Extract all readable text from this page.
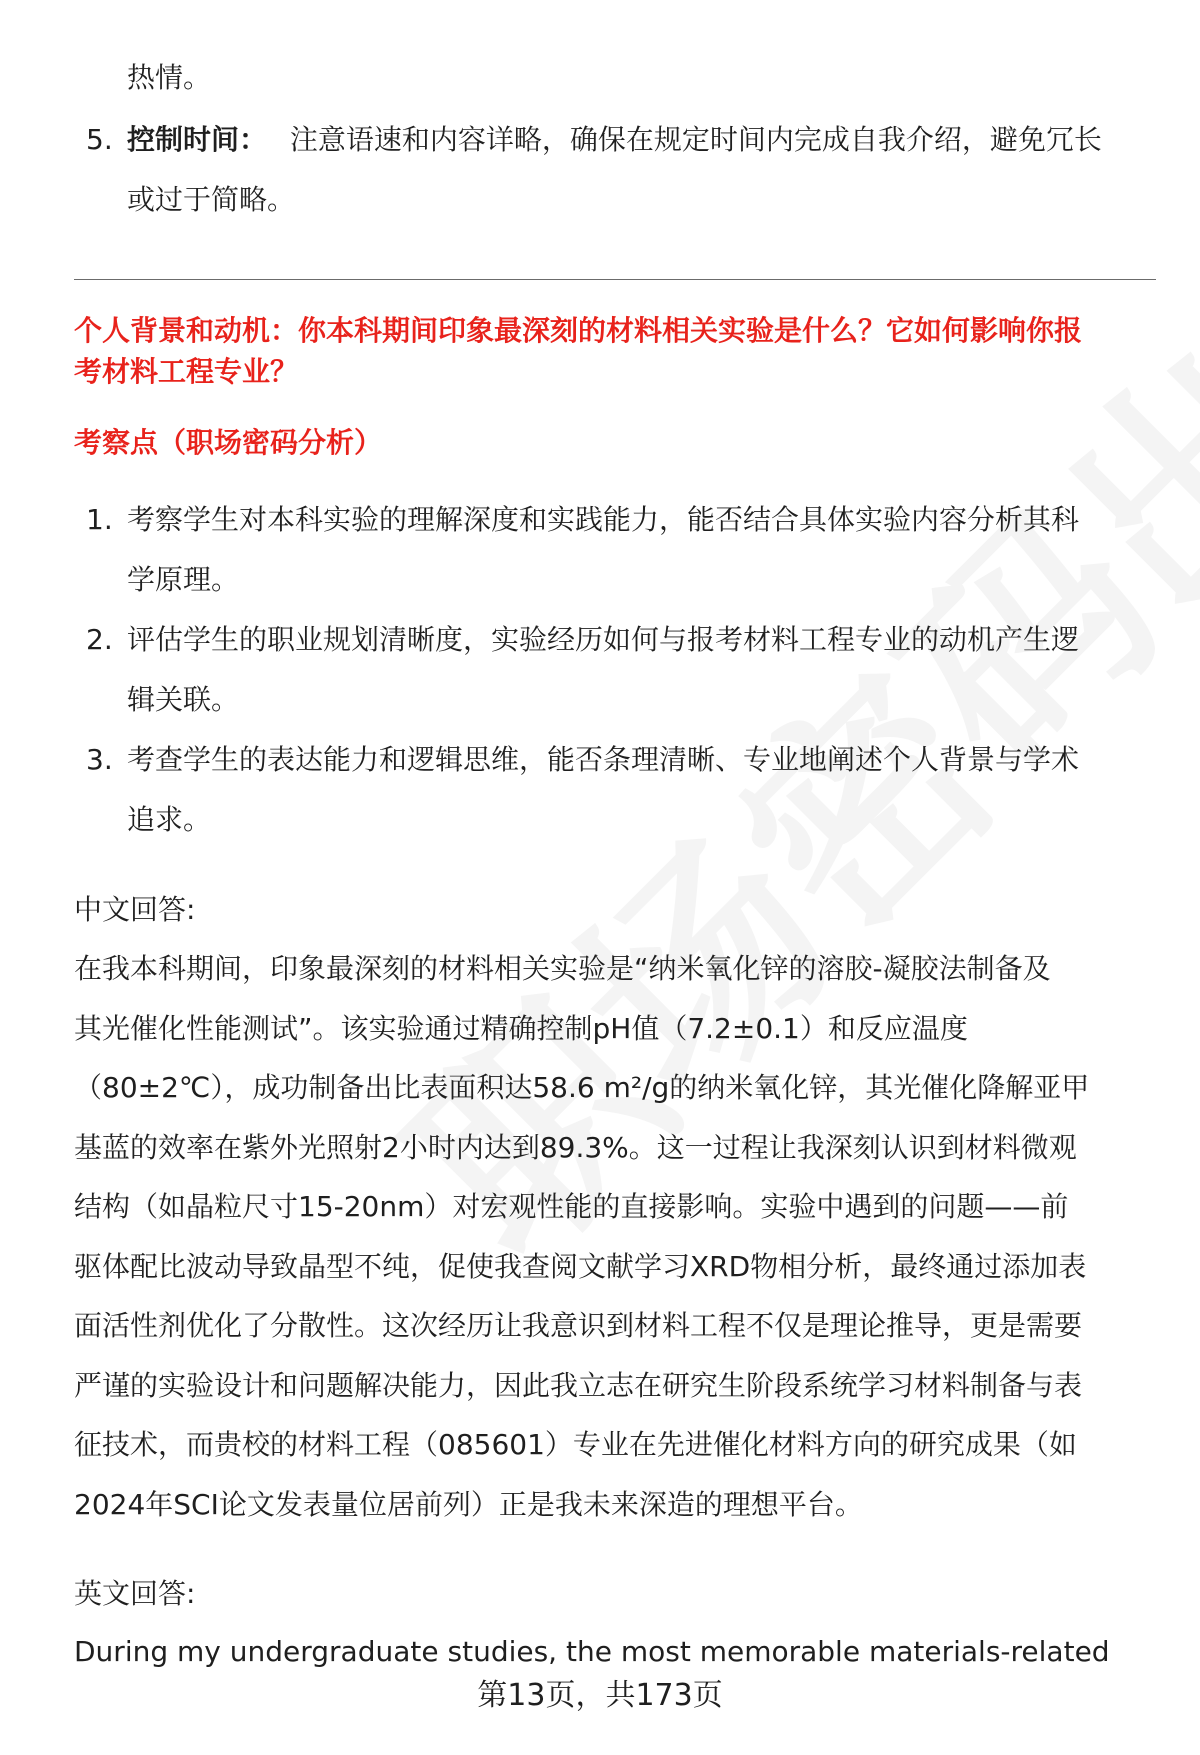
热情。
5. 控制时间： 注意语速和内容详略，确保在规定时间内完成自我介绍，避免冗长
或过于简略。
个人背景和动机：你本科期间印象最深刻的材料相关实验是什么？它如何影响你报
考材料工程专业？
考察点（职场密码分析）
1. 考察学生对本科实验的理解深度和实践能力，能否结合具体实验内容分析其科
学原理。
2. 评估学生的职业规划清晰度，实验经历如何与报考材料工程专业的动机产生逻
辑关联。
3. 考查学生的表达能力和逻辑思维，能否条理清晰、专业地阐述个人背景与学术
追求。
中文回答:
在我本科期间，印象最深刻的材料相关实验是“纳米氧化锌的溶胶-凝胶法制备及
其光催化性能测试”。该实验通过精确控制pH值（7.2±0.1）和反应温度
（80±2℃），成功制备出比表面积达58.6 m²/g的纳米氧化锌，其光催化降解亚甲
基蓝的效率在紫外光照射2小时内达到89.3%。这一过程让我深刻认识到材料微观
结构（如晶粒尺寸15-20nm）对宏观性能的直接影响。实验中遇到的问题——前
驱体配比波动导致晶型不纯，促使我查阅文献学习XRD物相分析，最终通过添加表
面活性剂优化了分散性。这次经历让我意识到材料工程不仅是理论推导，更是需要
严谨的实验设计和问题解决能力，因此我立志在研究生阶段系统学习材料制备与表
征技术，而贵校的材料工程（085601）专业在先进催化材料方向的研究成果（如
2024年SCI论文发表量位居前列）正是我未来深造的理想平台。
英文回答:
During my undergraduate studies, the most memorable materials-related
第13页，共173页
